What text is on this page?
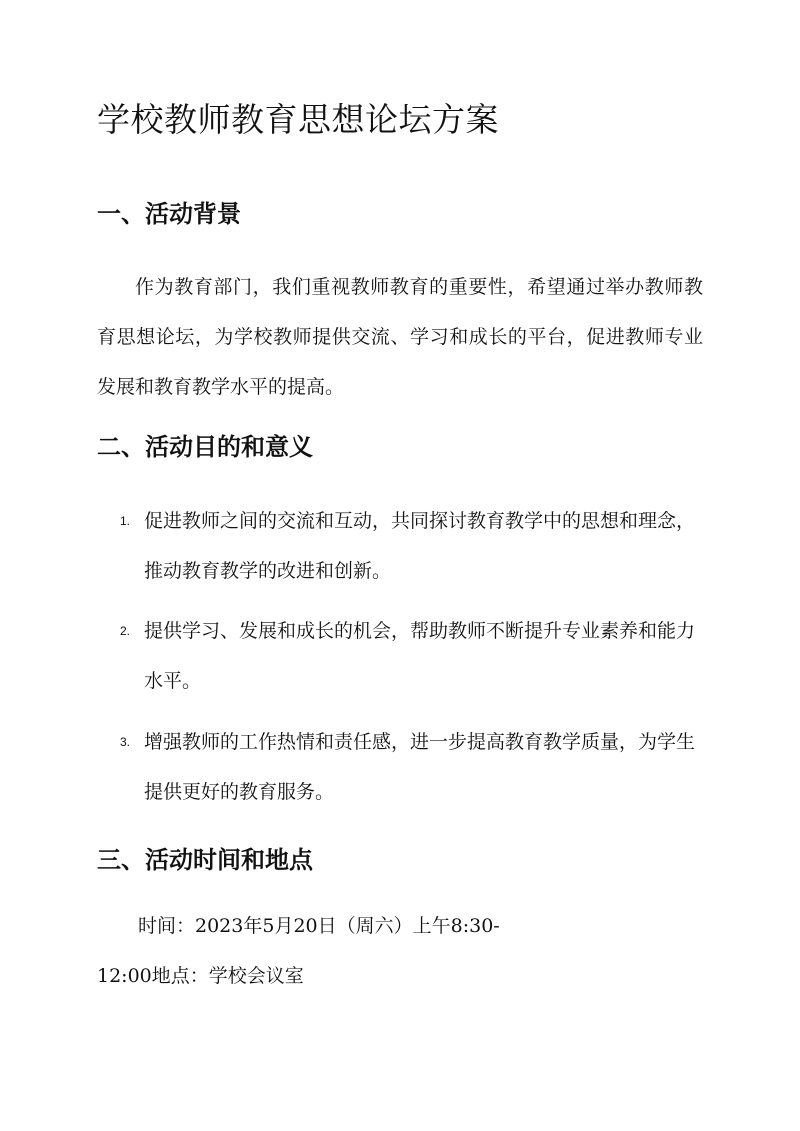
学校教师教育思想论坛方案
一、活动背景

作为教育部门，我们重视教师教育的重要性，希望通过举办教师教育思想论坛，为学校教师提供交流、学习和成长的平台，促进教师专业发展和教育教学水平的提高。

二、活动目的和意义
1. 促进教师之间的交流和互动，共同探讨教育教学中的思想和理念，推动教育教学的改进和创新。

2. 提供学习、发展和成长的机会，帮助教师不断提升专业素养和能力水平。

3. 增强教师的工作热情和责任感，进一步提高教育教学质量，为学生提供更好的教育服务。

三、活动时间和地点

时间：2023年5月20日（周六）上午8:30-

12:00地点：学校会议室
